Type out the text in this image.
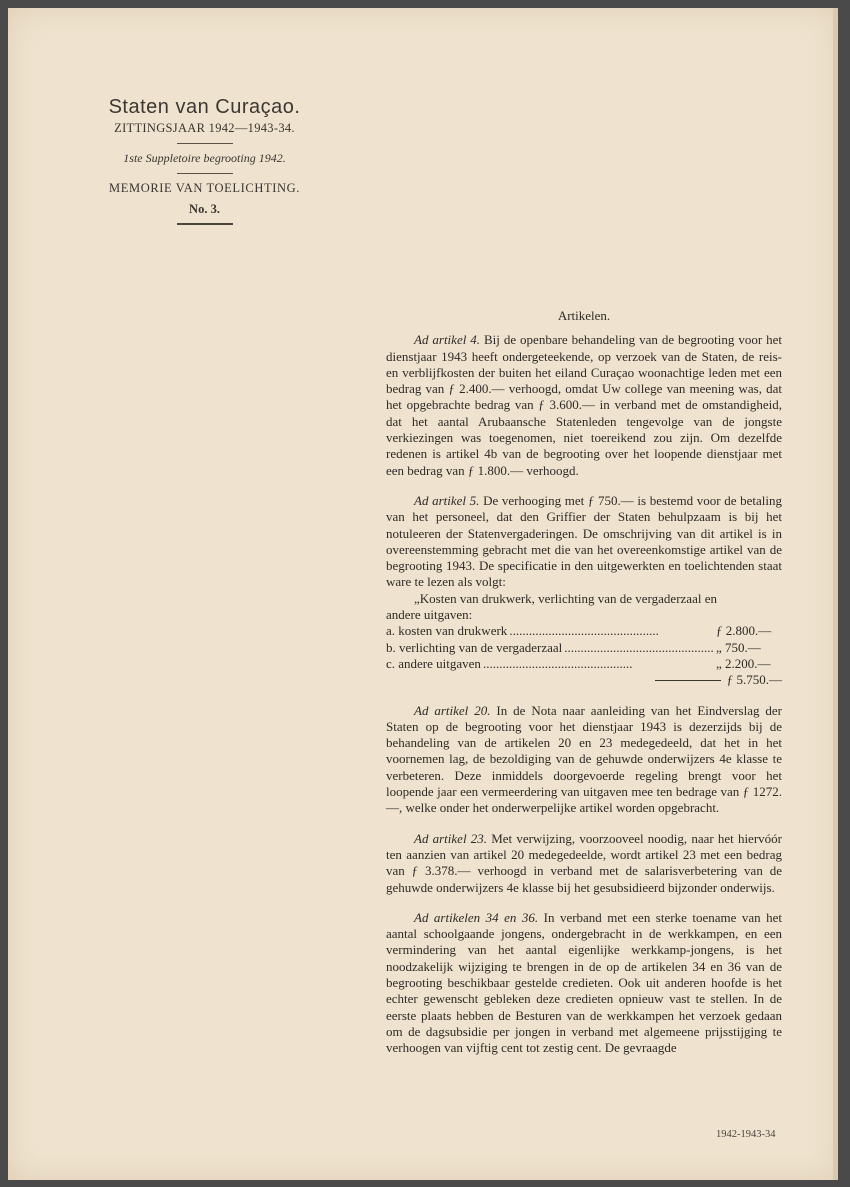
Staten van Curaçao.
ZITTINGSJAAR 1942—1943-34.
1ste Suppletoire begrooting 1942.
MEMORIE VAN TOELICHTING.
No. 3.
Artikelen.

Ad artikel 4. Bij de openbare behandeling van de begrooting voor het dienstjaar 1943 heeft ondergeteekende, op verzoek van de Staten, de reis- en verblijfkosten der buiten het eiland Curaçao woonachtige leden met een bedrag van ƒ 2.400.— verhoogd, omdat Uw college van meening was, dat het opgebrachte bedrag van ƒ 3.600.— in verband met de omstandigheid, dat het aantal Arubaansche Statenleden tengevolge van de jongste verkiezingen was toegenomen, niet toereikend zou zijn. Om dezelfde redenen is artikel 4b van de begrooting over het loopende dienstjaar met een bedrag van ƒ 1.800.— verhoogd.

Ad artikel 5. De verhooging met ƒ 750.— is bestemd voor de betaling van het personeel, dat den Griffier der Staten behulpzaam is bij het notuleeren der Statenvergaderingen. De omschrijving van dit artikel is in overeenstemming gebracht met die van het overeenkomstige artikel van de begrooting 1943. De specificatie in den uitgewerkten en toelichtenden staat ware te lezen als volgt:

„Kosten van drukwerk, verlichting van de vergaderzaal en

andere uitgaven:

a. kosten van drukwerk ..............................................	ƒ 2.800.—
b. verlichting van de vergaderzaal .............................................. „ 750.—
c. andere uitgaven ..............................................	„ 2.200.—
ƒ 5.750.—

Ad artikel 20. In de Nota naar aanleiding van het Eindverslag der Staten op de begrooting voor het dienstjaar 1943 is dezerzijds bij de behandeling van de artikelen 20 en 23 medegedeeld, dat het in het voornemen lag, de bezoldiging van de gehuwde onderwijzers 4e klasse te verbeteren. Deze inmiddels doorgevoerde regeling brengt voor het loopende jaar een vermeerdering van uitgaven mee ten bedrage van ƒ 1272.—, welke onder het onderwerpelijke artikel worden opgebracht.

Ad artikel 23. Met verwijzing, voorzooveel noodig, naar het hiervóór ten aanzien van artikel 20 medegedeelde, wordt artikel 23 met een bedrag van ƒ 3.378.— verhoogd in verband met de salarisverbetering van de gehuwde onderwijzers 4e klasse bij het gesubsidieerd bijzonder onderwijs.

Ad artikelen 34 en 36. In verband met een sterke toename van het aantal schoolgaande jongens, ondergebracht in de werkkampen, en een vermindering van het aantal eigenlijke werkkamp-jongens, is het noodzakelijk wijziging te brengen in de op de artikelen 34 en 36 van de begrooting beschikbaar gestelde credieten. Ook uit anderen hoofde is het echter gewenscht gebleken deze credieten opnieuw vast te stellen. In de eerste plaats hebben de Besturen van de werkkampen het verzoek gedaan om de dagsubsidie per jongen in verband met algemeene prijsstijging te verhoogen van vijftig cent tot zestig cent. De gevraagde

1942-1943-34
